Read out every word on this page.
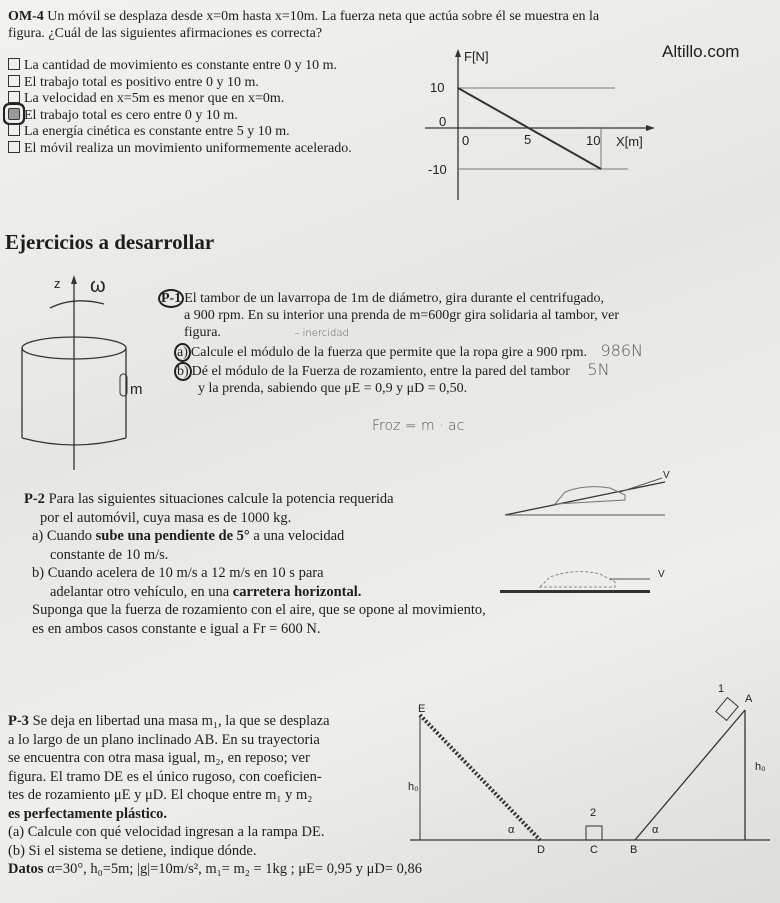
Altillo.com
OM-4 Un móvil se desplaza desde x=0m hasta x=10m. La fuerza neta que actúa sobre él se muestra en la
figura. ¿Cuál de las siguientes afirmaciones es correcta?
La cantidad de movimiento es constante entre 0 y 10 m.
El trabajo total es positivo entre 0 y 10 m.
La velocidad en x=5m es menor que en x=0m.
El trabajo total es cero entre 0 y 10 m.
La energía cinética es constante entre 5 y 10 m.
El móvil realiza un movimiento uniformemente acelerado.
F[N]
X[m]
10
0
-10
0	5	10
Ejercicios a desarrollar
z ω
m
P-1 El tambor de un lavarropa de 1m de diámetro, gira durante el centrifugado,
a 900 rpm. En su interior una prenda de m=600gr gira solidaria al tambor, ver
figura.	– inercidad
a) Calcule el módulo de la fuerza que permite que la ropa gire a 900 rpm. 986N
b) Dé el módulo de la Fuerza de rozamiento, entre la pared del tambor 5N
y la prenda, sabiendo que μE = 0,9 y μD = 0,50.
Froz = m · ac
P-2 Para las siguientes situaciones calcule la potencia requerida
por el automóvil, cuya masa es de 1000 kg.
a) Cuando sube una pendiente de 5° a una velocidad
constante de 10 m/s.
b) Cuando acelera de 10 m/s a 12 m/s en 10 s para
adelantar otro vehículo, en una carretera horizontal.
Suponga que la fuerza de rozamiento con el aire, que se opone al movimiento,
es en ambos casos constante e igual a Fr = 600 N.
V
V
P-3 Se deja en libertad una masa m₁, la que se desplaza
a lo largo de un plano inclinado AB. En su trayectoria
se encuentra con otra masa igual, m₂, en reposo; ver
figura. El tramo DE es el único rugoso, con coeficien-
tes de rozamiento μE y μD. El choque entre m₁ y m₂
es perfectamente plástico.
(a) Calcule con qué velocidad ingresan a la rampa DE.
(b) Si el sistema se detiene, indique dónde.
Datos α=30°, h₀=5m; |g|=10m/s², m₁= m₂ = 1kg ; μE= 0,95 y μD= 0,86
E
h₀
α
D	C
2
B
α
A
1
h₀
